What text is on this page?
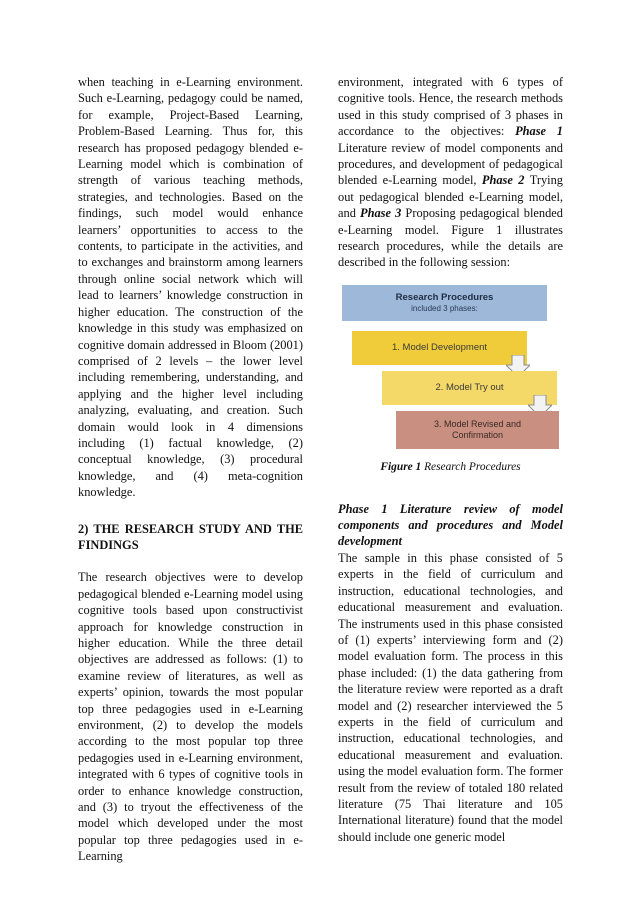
when teaching in e-Learning environment. Such e-Learning, pedagogy could be named, for example, Project-Based Learning, Problem-Based Learning. Thus for, this research has proposed pedagogy blended e-Learning model which is combination of strength of various teaching methods, strategies, and technologies. Based on the findings, such model would enhance learners’ opportunities to access to the contents, to participate in the activities, and to exchanges and brainstorm among learners through online social network which will lead to learners’ knowledge construction in higher education. The construction of the knowledge in this study was emphasized on cognitive domain addressed in Bloom (2001) comprised of 2 levels – the lower level including remembering, understanding, and applying and the higher level including analyzing, evaluating, and creation. Such domain would look in 4 dimensions including (1) factual knowledge, (2) conceptual knowledge, (3) procedural knowledge, and (4) meta-cognition knowledge.

2) THE RESEARCH STUDY AND THE FINDINGS

The research objectives were to develop pedagogical blended e-Learning model using cognitive tools based upon constructivist approach for knowledge construction in higher education. While the three detail objectives are addressed as follows: (1) to examine review of literatures, as well as experts’ opinion, towards the most popular top three pedagogies used in e-Learning environment, (2) to develop the models according to the most popular top three pedagogies used in e-Learning environment, integrated with 6 types of cognitive tools in order to enhance knowledge construction, and (3) to tryout the effectiveness of the model which developed under the most popular top three pedagogies used in e-Learning

environment, integrated with 6 types of cognitive tools. Hence, the research methods used in this study comprised of 3 phases in accordance to the objectives: Phase 1 Literature review of model components and procedures, and development of pedagogical blended e-Learning model, Phase 2 Trying out pedagogical blended e-Learning model, and Phase 3 Proposing pedagogical blended e-Learning model. Figure 1 illustrates research procedures, while the details are described in the following session:

Research Procedures
included 3 phases:
1. Model Development
2. Model Try out
3. Model Revised and
Confirmation

Figure 1 Research Procedures

Phase 1 Literature review of model components and procedures and Model development

The sample in this phase consisted of 5 experts in the field of curriculum and instruction, educational technologies, and educational measurement and evaluation. The instruments used in this phase consisted of (1) experts’ interviewing form and (2) model evaluation form. The process in this phase included: (1) the data gathering from the literature review were reported as a draft model and (2) researcher interviewed the 5 experts in the field of curriculum and instruction, educational technologies, and educational measurement and evaluation. using the model evaluation form. The former result from the review of totaled 180 related literature (75 Thai literature and 105 International literature) found that the model should include one generic model
